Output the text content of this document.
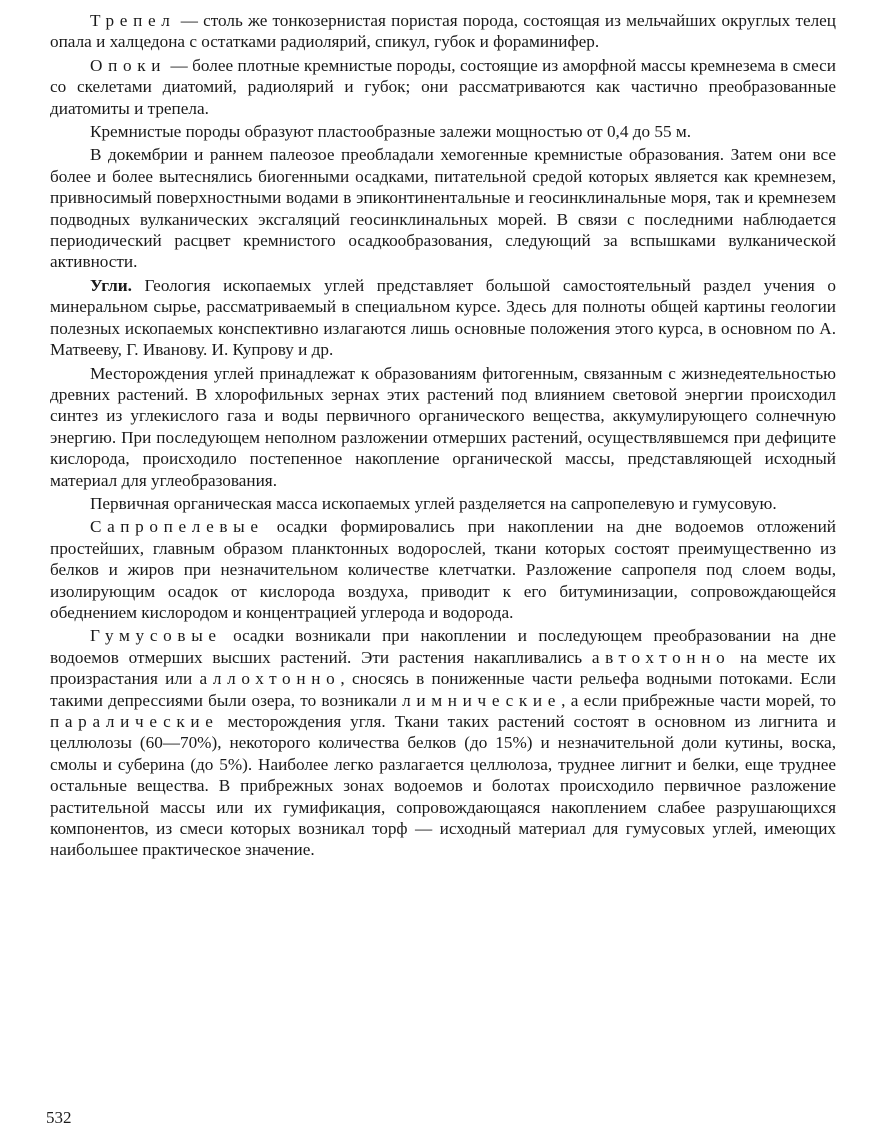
Трепел — столь же тонкозернистая пористая порода, состоящая из мельчайших округлых телец опала и халцедона с остатками радиолярий, спикул, губок и фораминифер.

Опоки — более плотные кремнистые породы, состоящие из аморфной массы кремнезема в смеси со скелетами диатомий, радиолярий и губок; они рассматриваются как частично преобразованные диатомиты и трепела.

Кремнистые породы образуют пластообразные залежи мощностью от 0,4 до 55 м.

В докембрии и раннем палеозое преобладали хемогенные кремнистые образования. Затем они все более и более вытеснялись биогенными осадками, питательной средой которых является как кремнезем, привносимый поверхностными водами в эпиконтинентальные и геосинклинальные моря, так и кремнезем подводных вулканических эксгаляций геосинклинальных морей. В связи с последними наблюдается периодический расцвет кремнистого осадкообразования, следующий за вспышками вулканической активности.

Угли. Геология ископаемых углей представляет большой самостоятельный раздел учения о минеральном сырье, рассматриваемый в специальном курсе. Здесь для полноты общей картины геологии полезных ископаемых конспективно излагаются лишь основные положения этого курса, в основном по А. Матвееву, Г. Иванову. И. Купрову и др.

Месторождения углей принадлежат к образованиям фитогенным, связанным с жизнедеятельностью древних растений. В хлорофильных зернах этих растений под влиянием световой энергии происходил синтез из углекислого газа и воды первичного органического вещества, аккумулирующего солнечную энергию. При последующем неполном разложении отмерших растений, осуществлявшемся при дефиците кислорода, происходило постепенное накопление органической массы, представляющей исходный материал для углеобразования.

Первичная органическая масса ископаемых углей разделяется на сапропелевую и гумусовую.

Сапропелевые осадки формировались при накоплении на дне водоемов отложений простейших, главным образом планктонных водорослей, ткани которых состоят преимущественно из белков и жиров при незначительном количестве клетчатки. Разложение сапропеля под слоем воды, изолирующим осадок от кислорода воздуха, приводит к его битуминизации, сопровождающейся обеднением кислородом и концентрацией углерода и водорода.

Гумусовые осадки возникали при накоплении и последующем преобразовании на дне водоемов отмерших высших растений. Эти растения накапливались автохтонно на месте их произрастания или аллохтонно, сносясь в пониженные части рельефа водными потоками. Если такими депрессиями были озера, то возникали лимнические, а если прибрежные части морей, то паралические месторождения угля. Ткани таких растений состоят в основном из лигнита и целлюлозы (60—70%), некоторого количества белков (до 15%) и незначительной доли кутины, воска, смолы и суберина (до 5%). Наиболее легко разлагается целлюлоза, труднее лигнит и белки, еще труднее остальные вещества. В прибрежных зонах водоемов и болотах происходило первичное разложение растительной массы или их гумификация, сопровождающаяся накоплением слабее разрушающихся компонентов, из смеси которых возникал торф — исходный материал для гумусовых углей, имеющих наибольшее практическое значение.

532
